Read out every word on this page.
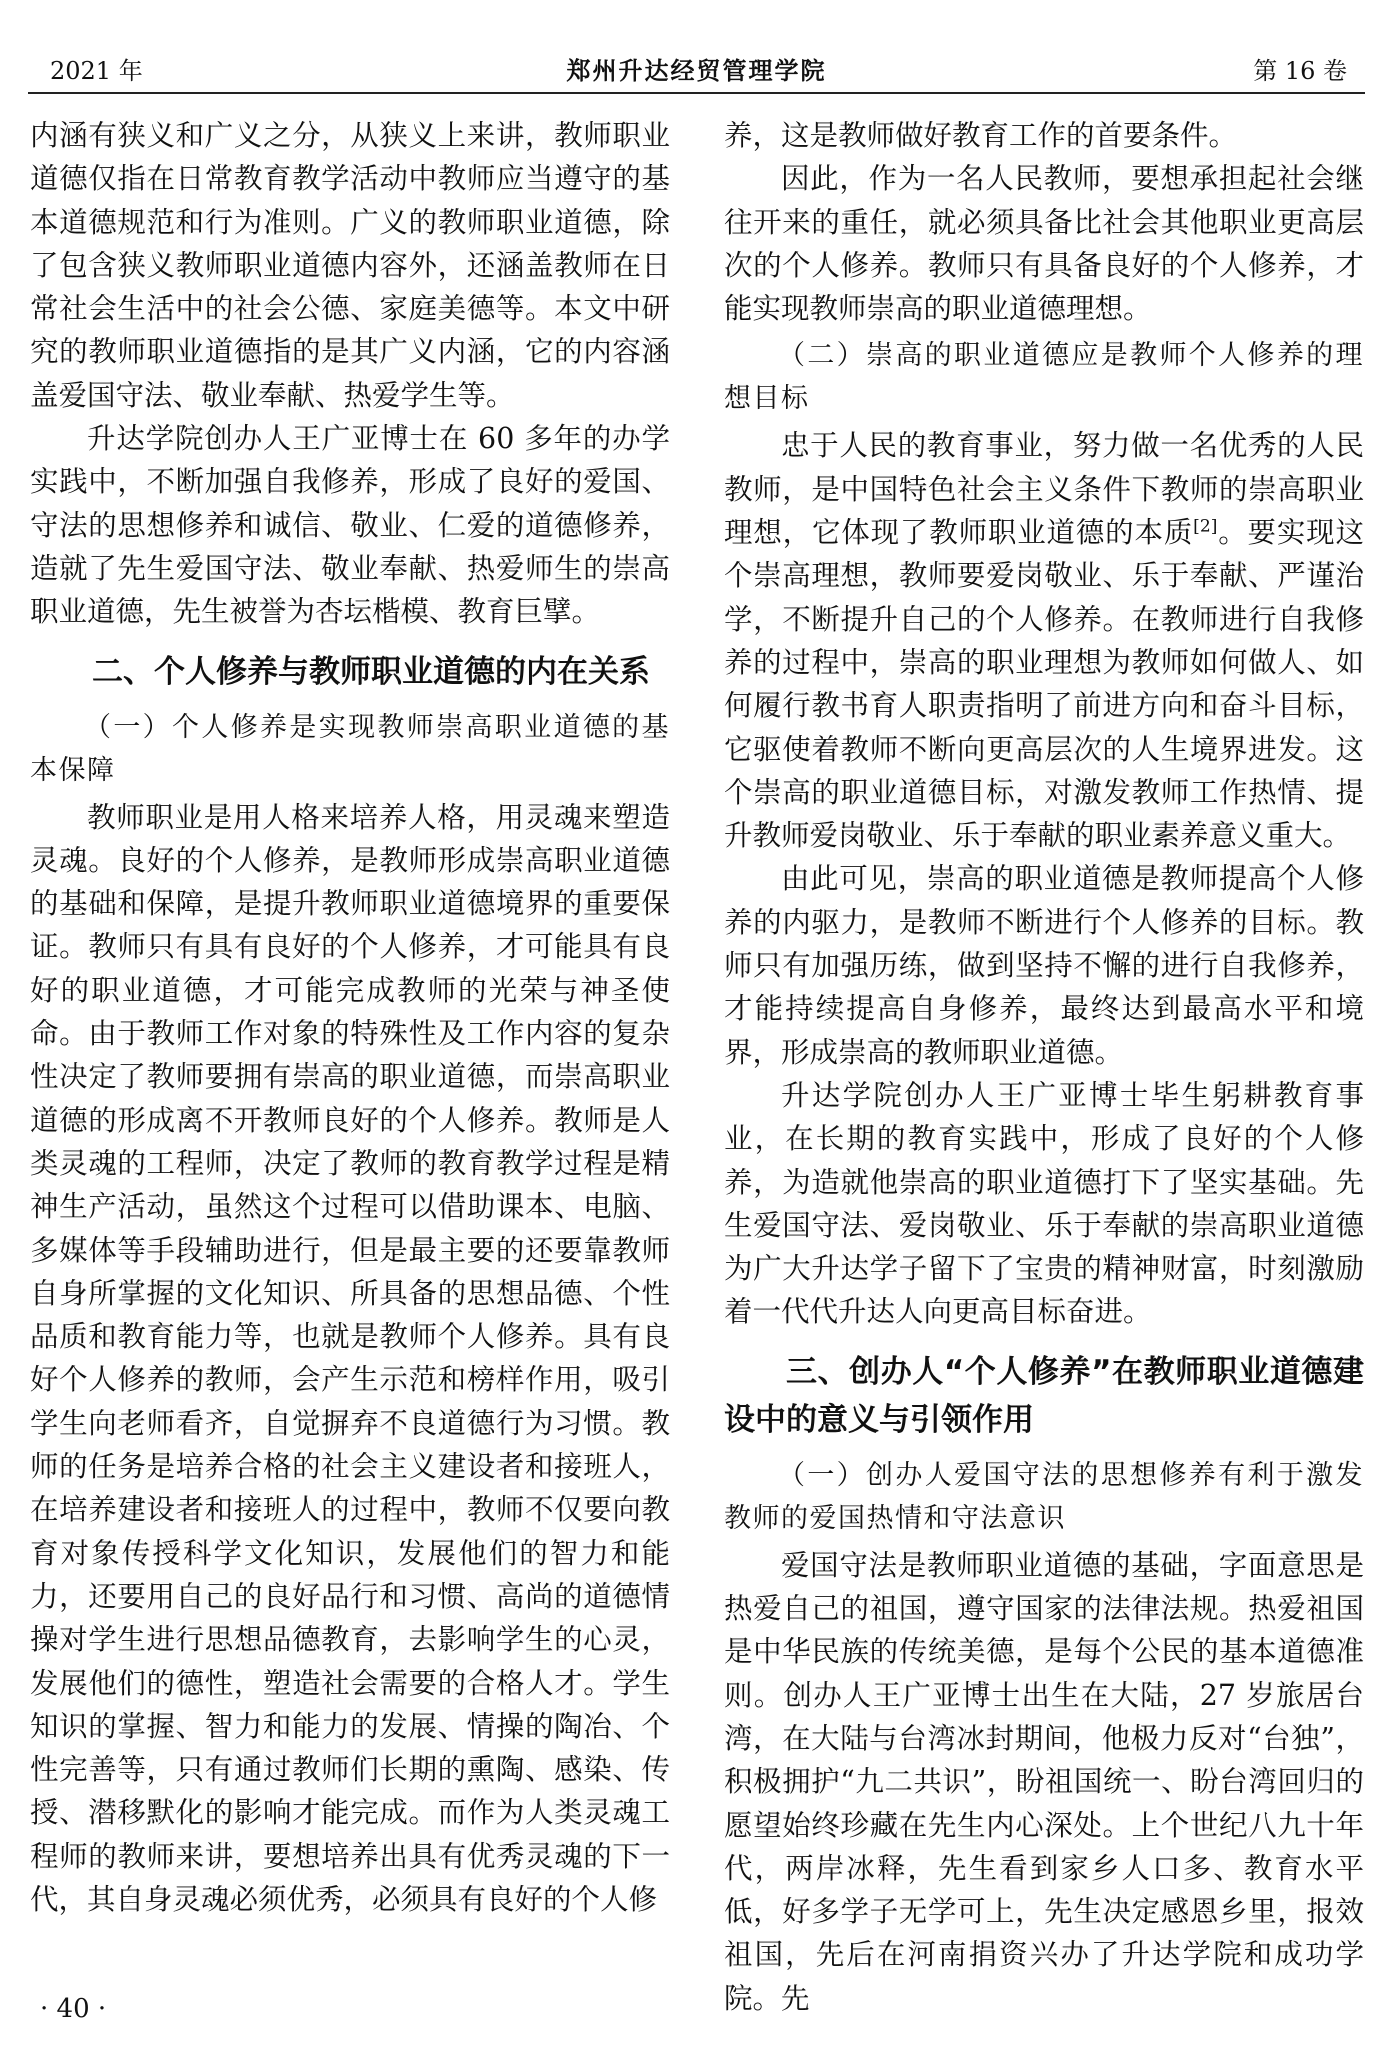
2021 年	郑州升达经贸管理学院	第 16 卷

内涵有狭义和广义之分，从狭义上来讲，教师职业道德仅指在日常教育教学活动中教师应当遵守的基本道德规范和行为准则。广义的教师职业道德，除了包含狭义教师职业道德内容外，还涵盖教师在日常社会生活中的社会公德、家庭美德等。本文中研究的教师职业道德指的是其广义内涵，它的内容涵盖爱国守法、敬业奉献、热爱学生等。

升达学院创办人王广亚博士在 60 多年的办学实践中，不断加强自我修养，形成了良好的爱国、守法的思想修养和诚信、敬业、仁爱的道德修养，造就了先生爱国守法、敬业奉献、热爱师生的崇高职业道德，先生被誉为杏坛楷模、教育巨擘。

二、个人修养与教师职业道德的内在关系
（一）个人修养是实现教师崇高职业道德的基本保障

教师职业是用人格来培养人格，用灵魂来塑造灵魂。良好的个人修养，是教师形成崇高职业道德的基础和保障，是提升教师职业道德境界的重要保证。教师只有具有良好的个人修养，才可能具有良好的职业道德，才可能完成教师的光荣与神圣使命。由于教师工作对象的特殊性及工作内容的复杂性决定了教师要拥有崇高的职业道德，而崇高职业道德的形成离不开教师良好的个人修养。教师是人类灵魂的工程师，决定了教师的教育教学过程是精神生产活动，虽然这个过程可以借助课本、电脑、多媒体等手段辅助进行，但是最主要的还要靠教师自身所掌握的文化知识、所具备的思想品德、个性品质和教育能力等，也就是教师个人修养。具有良好个人修养的教师，会产生示范和榜样作用，吸引学生向老师看齐，自觉摒弃不良道德行为习惯。教师的任务是培养合格的社会主义建设者和接班人，在培养建设者和接班人的过程中，教师不仅要向教育对象传授科学文化知识，发展他们的智力和能力，还要用自己的良好品行和习惯、高尚的道德情操对学生进行思想品德教育，去影响学生的心灵，发展他们的德性，塑造社会需要的合格人才。学生知识的掌握、智力和能力的发展、情操的陶冶、个性完善等，只有通过教师们长期的熏陶、感染、传授、潜移默化的影响才能完成。而作为人类灵魂工程师的教师来讲，要想培养出具有优秀灵魂的下一代，其自身灵魂必须优秀，必须具有良好的个人修

养，这是教师做好教育工作的首要条件。

因此，作为一名人民教师，要想承担起社会继往开来的重任，就必须具备比社会其他职业更高层次的个人修养。教师只有具备良好的个人修养，才能实现教师崇高的职业道德理想。

（二）崇高的职业道德应是教师个人修养的理想目标

忠于人民的教育事业，努力做一名优秀的人民教师，是中国特色社会主义条件下教师的崇高职业理想，它体现了教师职业道德的本质[2]。要实现这个崇高理想，教师要爱岗敬业、乐于奉献、严谨治学，不断提升自己的个人修养。在教师进行自我修养的过程中，崇高的职业理想为教师如何做人、如何履行教书育人职责指明了前进方向和奋斗目标，它驱使着教师不断向更高层次的人生境界进发。这个崇高的职业道德目标，对激发教师工作热情、提升教师爱岗敬业、乐于奉献的职业素养意义重大。

由此可见，崇高的职业道德是教师提高个人修养的内驱力，是教师不断进行个人修养的目标。教师只有加强历练，做到坚持不懈的进行自我修养，才能持续提高自身修养，最终达到最高水平和境界，形成崇高的教师职业道德。

升达学院创办人王广亚博士毕生躬耕教育事业，在长期的教育实践中，形成了良好的个人修养，为造就他崇高的职业道德打下了坚实基础。先生爱国守法、爱岗敬业、乐于奉献的崇高职业道德为广大升达学子留下了宝贵的精神财富，时刻激励着一代代升达人向更高目标奋进。

三、创办人“个人修养”在教师职业道德建设中的意义与引领作用
（一）创办人爱国守法的思想修养有利于激发教师的爱国热情和守法意识

爱国守法是教师职业道德的基础，字面意思是热爱自己的祖国，遵守国家的法律法规。热爱祖国是中华民族的传统美德，是每个公民的基本道德准则。创办人王广亚博士出生在大陆，27 岁旅居台湾，在大陆与台湾冰封期间，他极力反对“台独”，积极拥护“九二共识”，盼祖国统一、盼台湾回归的愿望始终珍藏在先生内心深处。上个世纪八九十年代，两岸冰释，先生看到家乡人口多、教育水平低，好多学子无学可上，先生决定感恩乡里，报效祖国，先后在河南捐资兴办了升达学院和成功学院。先

· 40 ·
